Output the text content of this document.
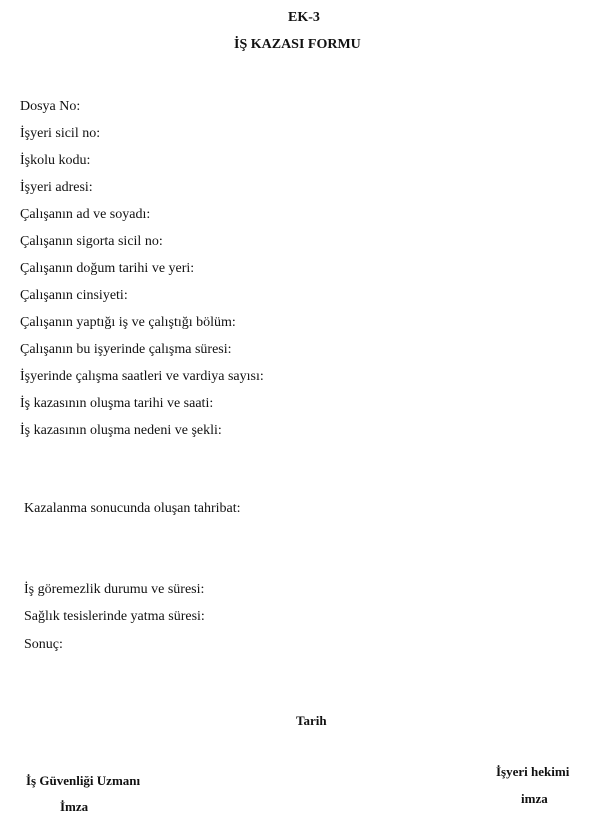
EK-3
İŞ KAZASI FORMU
Dosya No:
İşyeri sicil no:
İşkolu kodu:
İşyeri adresi:
Çalışanın ad ve soyadı:
Çalışanın sigorta sicil no:
Çalışanın doğum tarihi ve yeri:
Çalışanın cinsiyeti:
Çalışanın yaptığı iş ve çalıştığı bölüm:
Çalışanın bu işyerinde çalışma süresi:
İşyerinde çalışma saatleri ve vardiya sayısı:
İş kazasının oluşma tarihi ve saati:
İş kazasının oluşma nedeni ve şekli:
Kazalanma sonucunda oluşan tahribat:
İş göremezlik durumu ve süresi:
Sağlık tesislerinde yatma süresi:
Sonuç:
Tarih
İş Güvenliği Uzmanı
İmza
İşyeri hekimi
imza
